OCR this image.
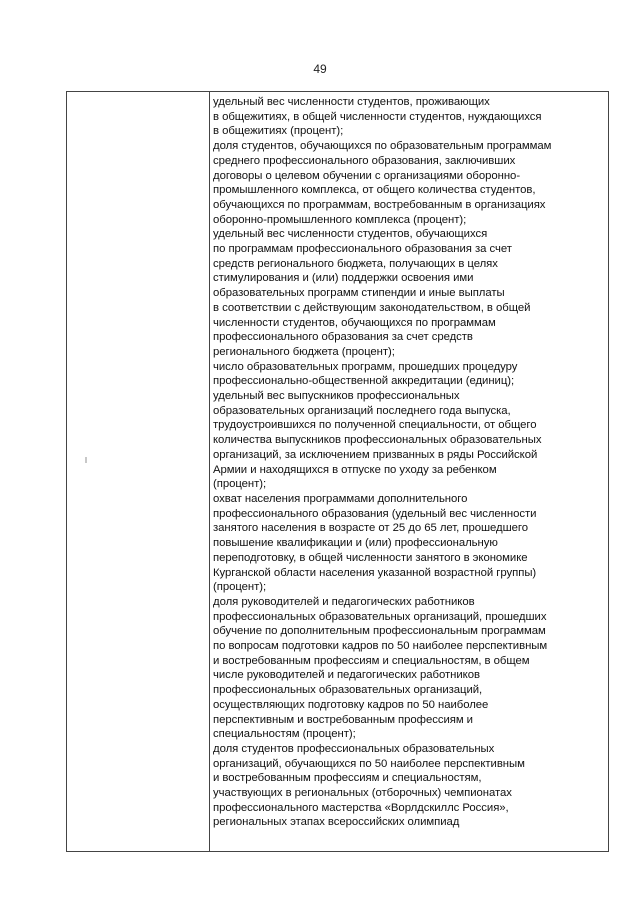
49
удельный вес численности студентов, проживающих
в общежитиях, в общей численности студентов, нуждающихся
в общежитиях (процент);
доля студентов, обучающихся по образовательным программам
среднего профессионального образования, заключивших
договоры о целевом обучении с организациями оборонно-
промышленного комплекса, от общего количества студентов,
обучающихся по программам, востребованным в организациях
оборонно-промышленного комплекса (процент);
удельный вес численности студентов, обучающихся
по программам профессионального образования за счет
средств регионального бюджета, получающих в целях
стимулирования и (или) поддержки освоения ими
образовательных программ стипендии и иные выплаты
в соответствии с действующим законодательством, в общей
численности студентов, обучающихся по программам
профессионального образования за счет средств
регионального бюджета (процент);
число образовательных программ, прошедших процедуру
профессионально-общественной аккредитации (единиц);
удельный вес выпускников профессиональных
образовательных организаций последнего года выпуска,
трудоустроившихся по полученной специальности, от общего
количества выпускников профессиональных образовательных
организаций, за исключением призванных в ряды Российской
Армии и находящихся в отпуске по уходу за ребенком
(процент);
охват населения программами дополнительного
профессионального образования (удельный вес численности
занятого населения в возрасте от 25 до 65 лет, прошедшего
повышение квалификации и (или) профессиональную
переподготовку, в общей численности занятого в экономике
Курганской области населения указанной возрастной группы)
(процент);
доля руководителей и педагогических работников
профессиональных образовательных организаций, прошедших
обучение по дополнительным профессиональным программам
по вопросам подготовки кадров по 50 наиболее перспективным
и востребованным профессиям и специальностям, в общем
числе руководителей и педагогических работников
профессиональных образовательных организаций,
осуществляющих подготовку кадров по 50 наиболее
перспективным и востребованным профессиям и
специальностям (процент);
доля студентов профессиональных образовательных
организаций, обучающихся по 50 наиболее перспективным
и востребованным профессиям и специальностям,
участвующих в региональных (отборочных) чемпионатах
профессионального мастерства «Ворлдскиллс Россия»,
региональных этапах всероссийских олимпиад
